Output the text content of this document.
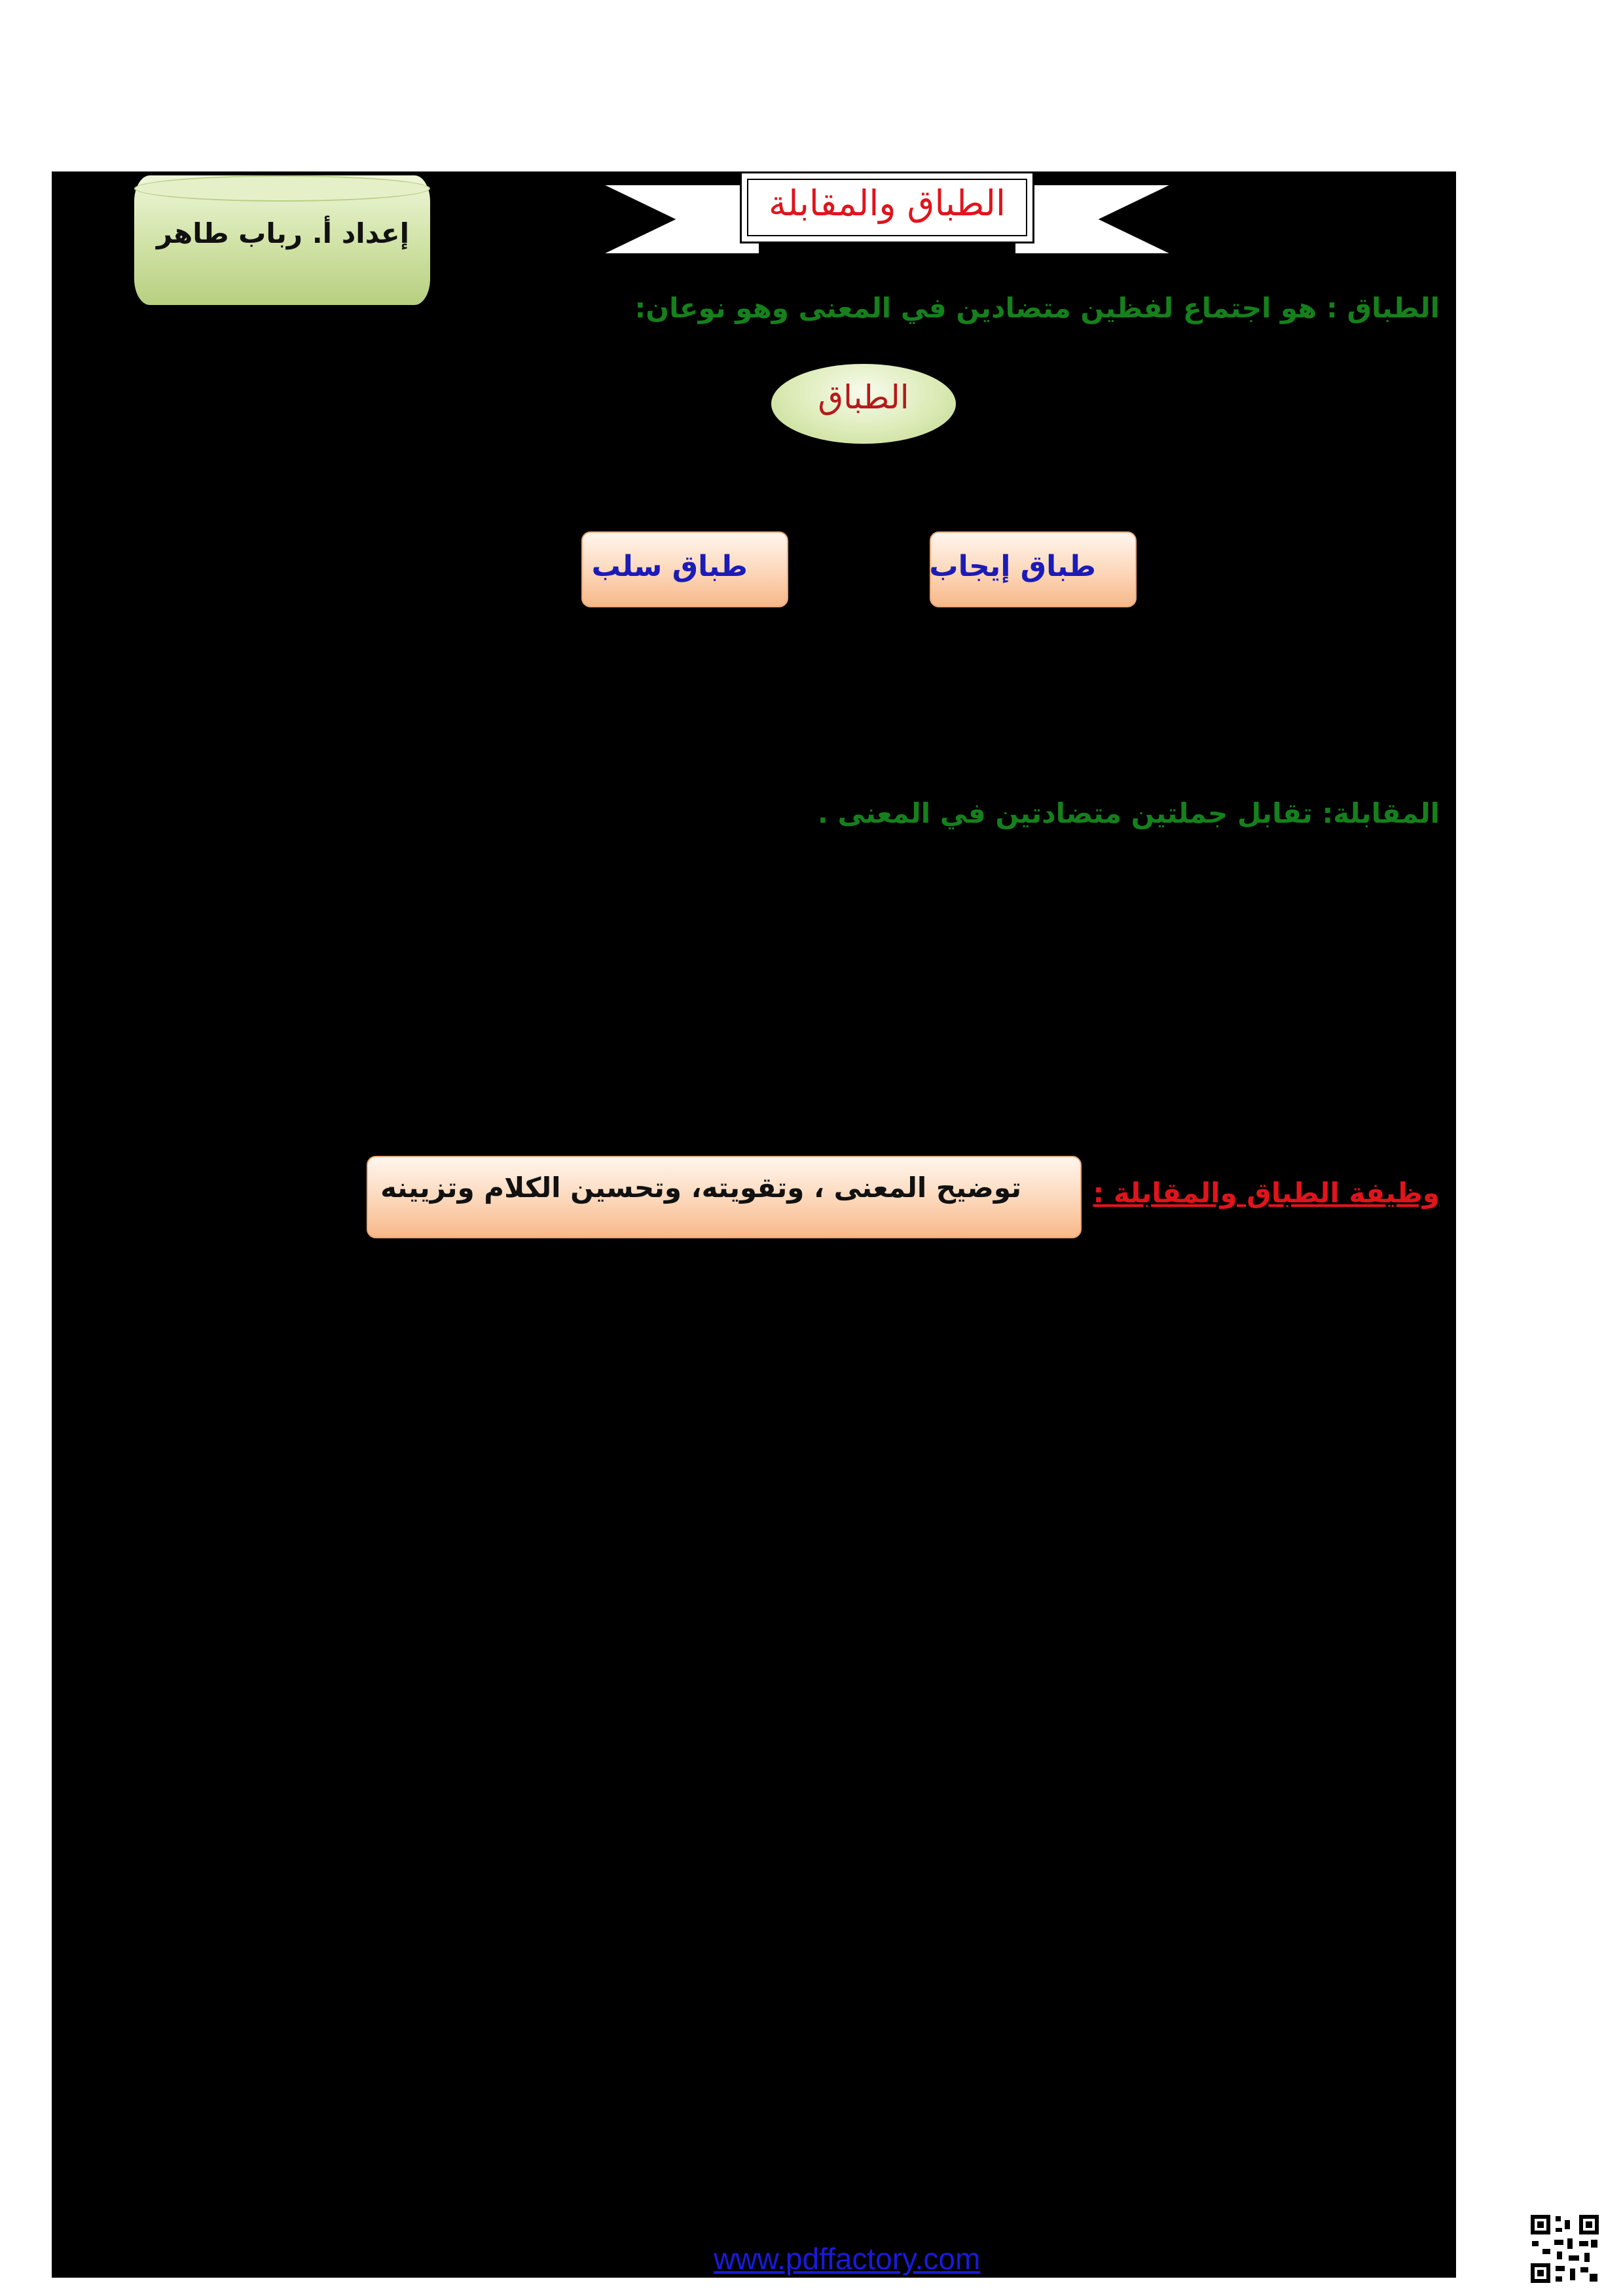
إعداد أ. رباب طاهر
الطباق والمقابلة
الطباق : هو اجتماع لفظين متضادين في المعنى وهو نوعان:
الطباق
طباق إيجاب
طباق سلب
المقابلة: تقابل جملتين متضادتين في المعنى .
وظيفة الطباق والمقابلة :
توضيح المعنى ، وتقويته، وتحسين الكلام وتزيينه
www.pdffactory.com
